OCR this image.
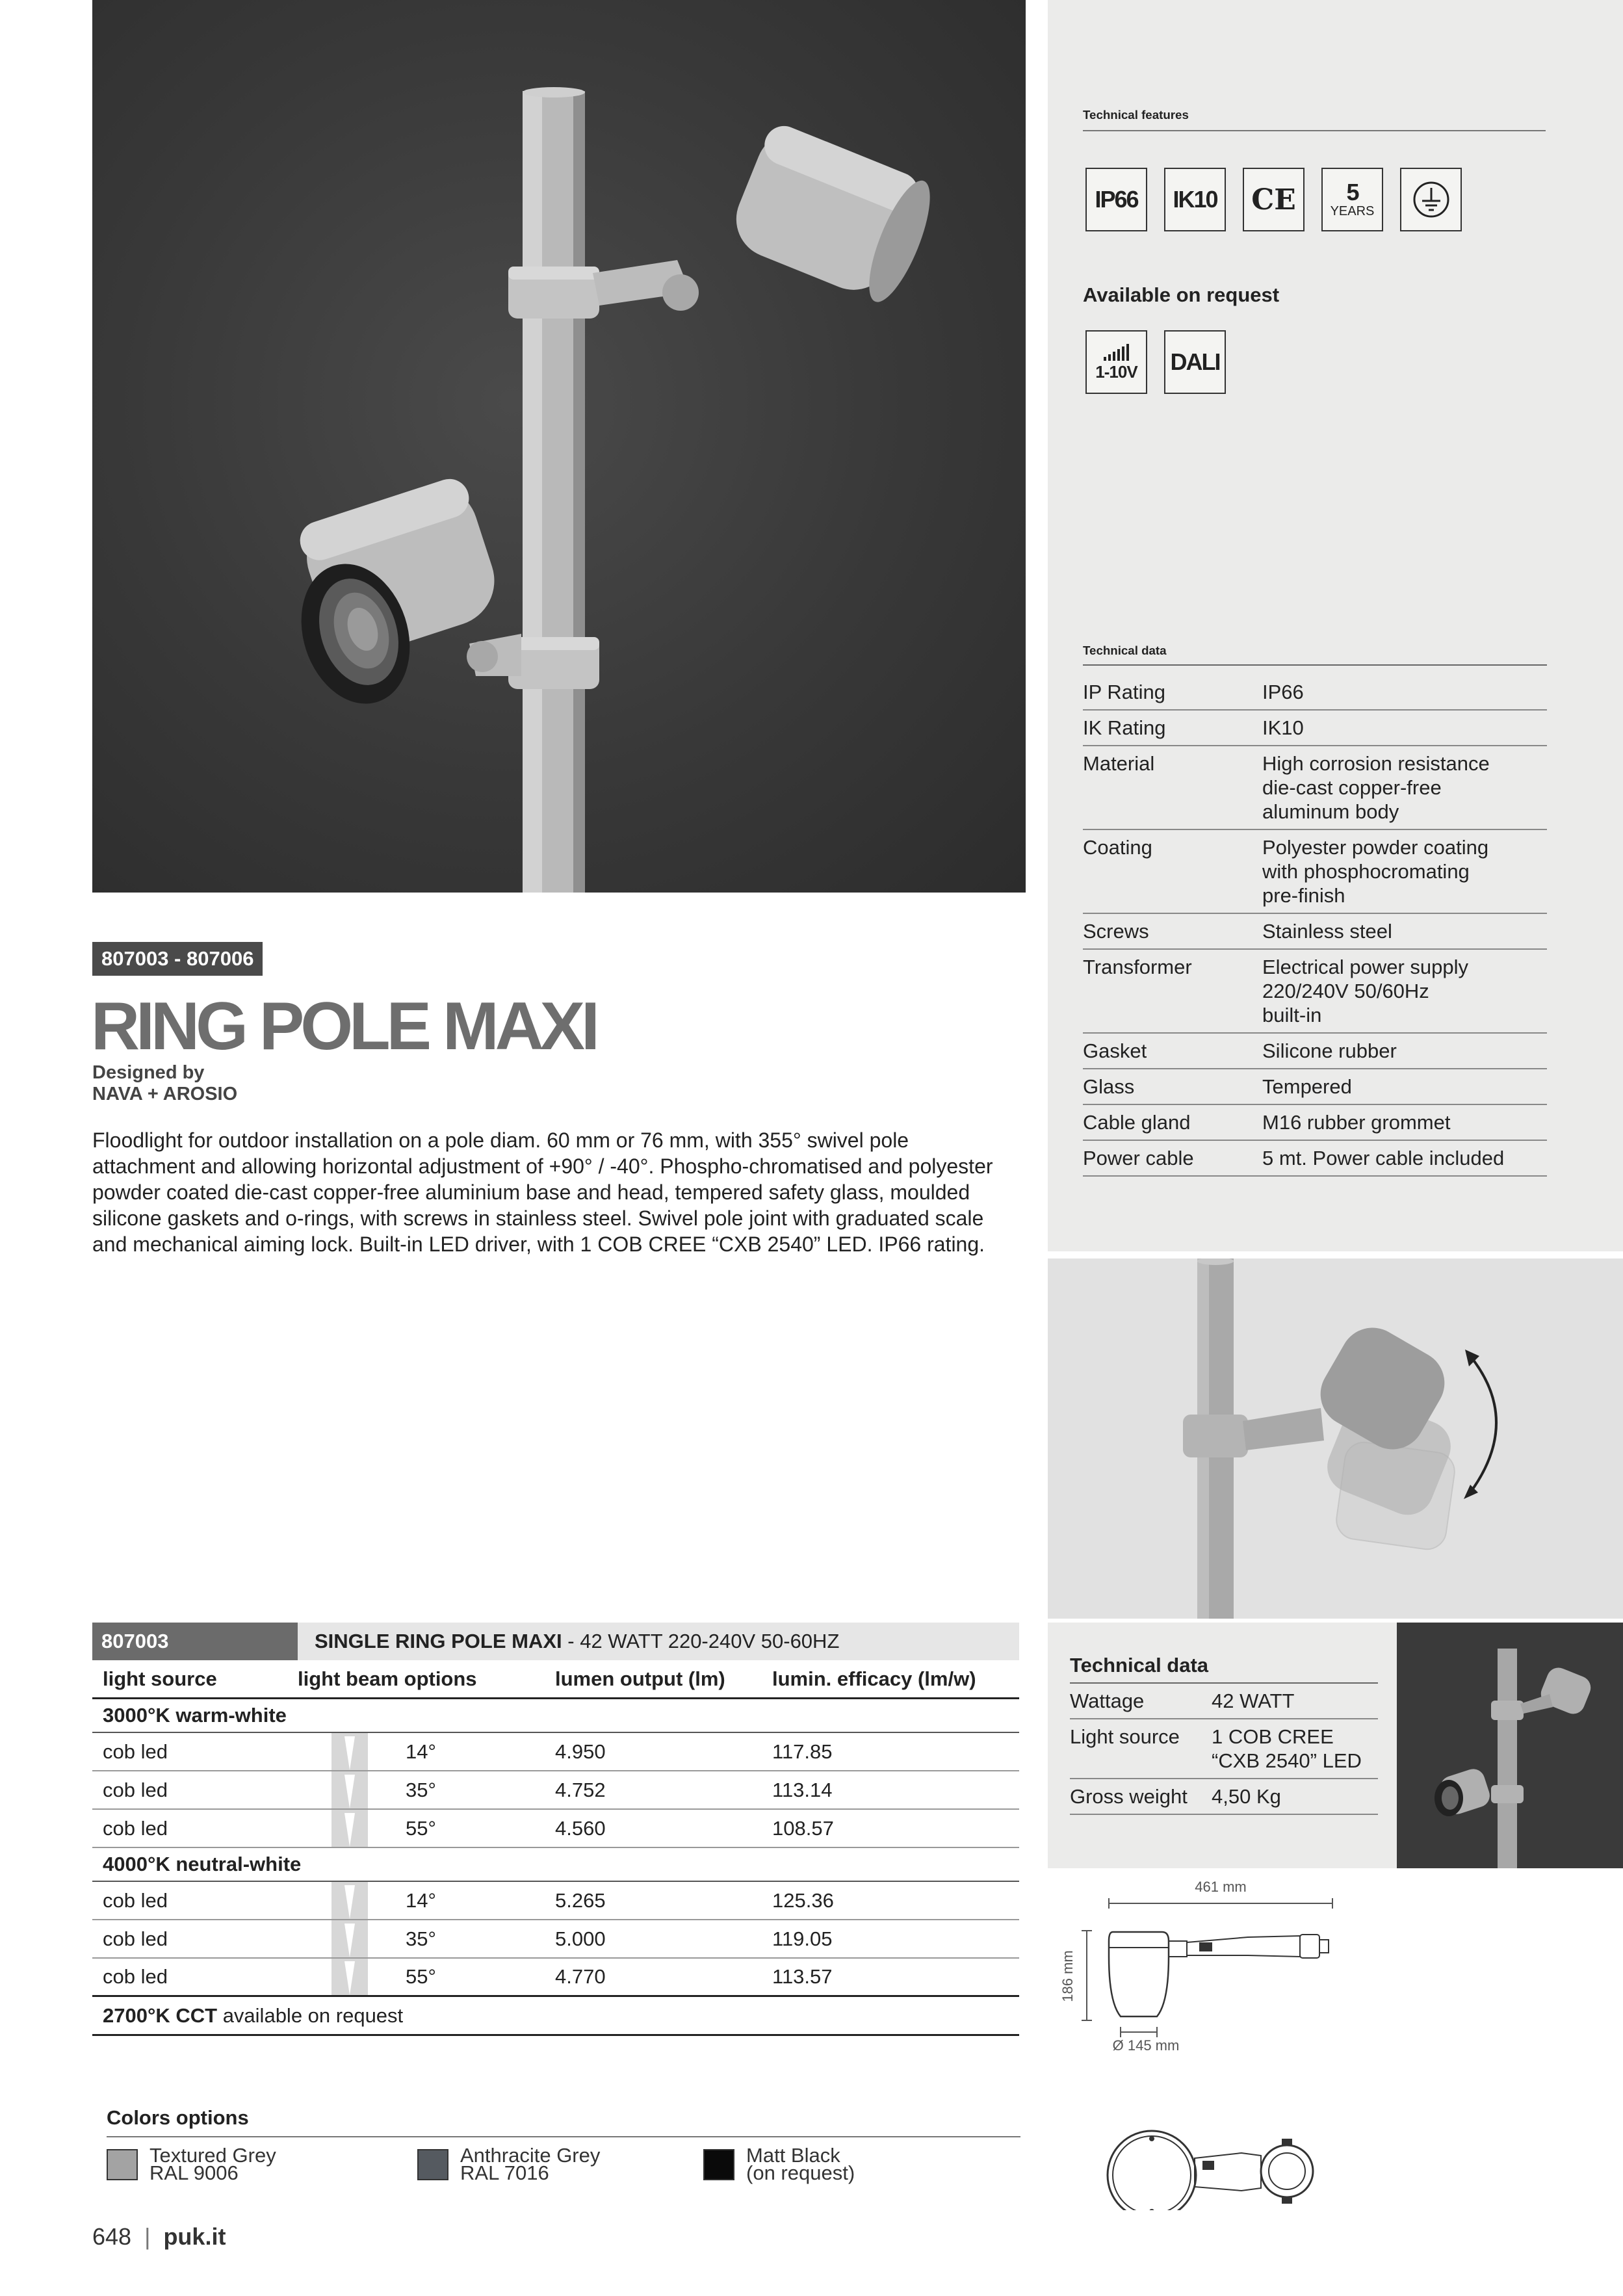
Technical features
IP66 IK10 CE 5
YEARS
Available on request
1-10V DALI
Technical data
IP Rating	IP66
IK Rating	IK10
Material	High corrosion resistance
die-cast copper-free
aluminum body
Coating	Polyester powder coating
with phosphocromating
pre-finish
Screws	Stainless steel
Transformer	Electrical power supply
220/240V 50/60Hz
built-in
Gasket	Silicone rubber
Glass	Tempered
Cable gland	M16 rubber grommet
Power cable	5 mt. Power cable included
807003 - 807006
RING POLE MAXI
Designed by
NAVA + AROSIO

Floodlight for outdoor installation on a pole diam. 60 mm or 76 mm, with 355° swivel pole attachment and allowing horizontal adjustment of +90° / -40°. Phospho-chromatised and polyester powder coated die-cast copper-free aluminium base and head, tempered safety glass, moulded silicone gaskets and o-rings, with screws in stainless steel. Swivel pole joint with graduated scale and mechanical aiming lock. Built-in LED driver, with 1 COB CREE “CXB 2540” LED. IP66 rating.

807003	SINGLE RING POLE MAXI - 42 WATT 220-240V 50-60HZ
light source	light beam options	lumen output (lm)	lumin. efficacy (lm/w)
3000°K warm-white
cob led	14°	4.950	117.85
cob led	35°	4.752	113.14
cob led	55°	4.560	108.57
4000°K neutral-white
cob led	14°	5.265	125.36
cob led	35°	5.000	119.05
cob led	55°	4.770	113.57
2700°K CCT available on request
Technical data
Wattage	42 WATT
Light source	1 COB CREE
“CXB 2540” LED
Gross weight	4,50 Kg
461 mm
186 mm
Ø 145 mm
Colors options
Textured Grey
RAL 9006
Anthracite Grey
RAL 7016
Matt Black
(on request)
648 | puk.it
